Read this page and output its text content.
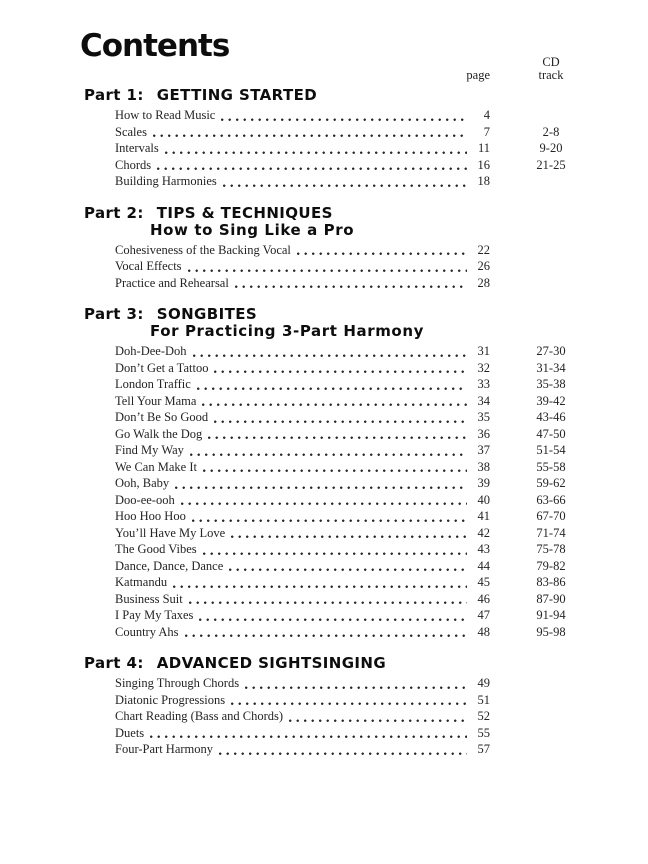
Contents
page
CD
track
Part 1: GETTING STARTED
How to Read Music	4
Scales	7	2-8
Intervals	11	9-20
Chords	16	21-25
Building Harmonies	18
Part 2: TIPS & TECHNIQUES
How to Sing Like a Pro
Cohesiveness of the Backing Vocal	22
Vocal Effects	26
Practice and Rehearsal	28
Part 3: SONGBITES
For Practicing 3-Part Harmony
Doh-Dee-Doh	31	27-30
Don’t Get a Tattoo	32	31-34
London Traffic	33	35-38
Tell Your Mama	34	39-42
Don’t Be So Good	35	43-46
Go Walk the Dog	36	47-50
Find My Way	37	51-54
We Can Make It	38	55-58
Ooh, Baby	39	59-62
Doo-ee-ooh	40	63-66
Hoo Hoo Hoo	41	67-70
You’ll Have My Love	42	71-74
The Good Vibes	43	75-78
Dance, Dance, Dance	44	79-82
Katmandu	45	83-86
Business Suit	46	87-90
I Pay My Taxes	47	91-94
Country Ahs	48	95-98
Part 4: ADVANCED SIGHTSINGING
Singing Through Chords	49
Diatonic Progressions	51
Chart Reading (Bass and Chords)	52
Duets	55
Four-Part Harmony	57
